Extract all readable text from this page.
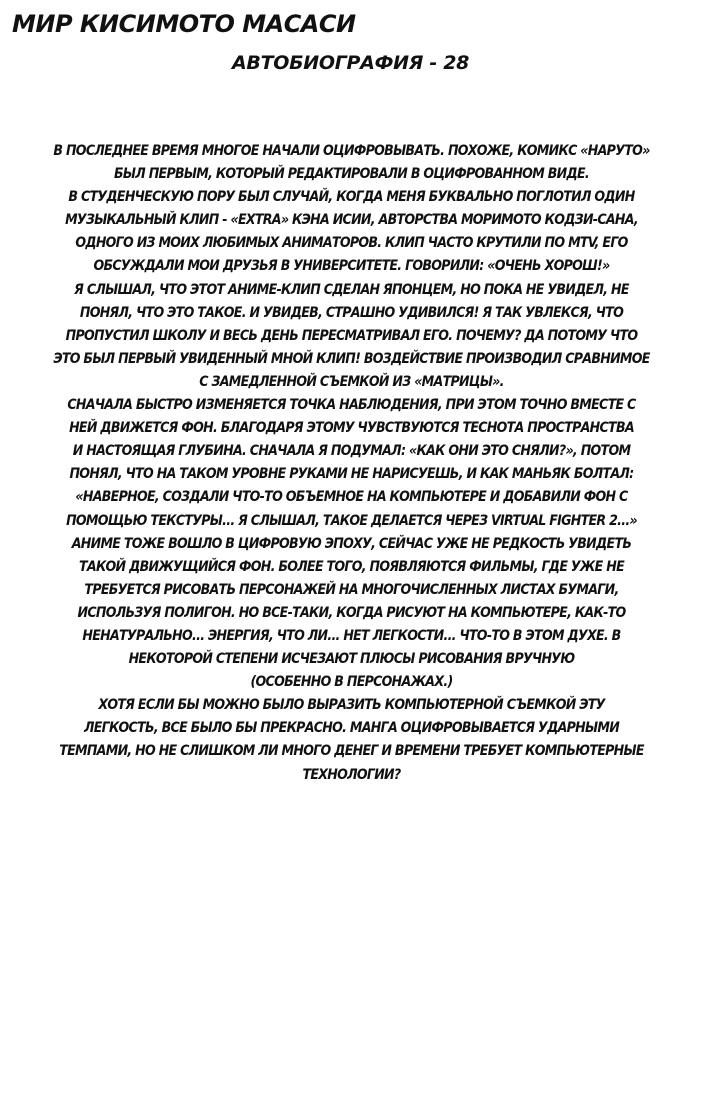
МИР КИСИМОТО МАСАСИ
АВТОБИОГРАФИЯ - 28
В ПОСЛЕДНЕЕ ВРЕМЯ МНОГОЕ НАЧАЛИ ОЦИФРОВЫВАТЬ. ПОХОЖЕ, КОМИКС «НАРУТО»
БЫЛ ПЕРВЫМ, КОТОРЫЙ РЕДАКТИРОВАЛИ В ОЦИФРОВАННОМ ВИДЕ.
В СТУДЕНЧЕСКУЮ ПОРУ БЫЛ СЛУЧАЙ, КОГДА МЕНЯ БУКВАЛЬНО ПОГЛОТИЛ ОДИН
МУЗЫКАЛЬНЫЙ КЛИП - «EXTRA» КЭНА ИСИИ, АВТОРСТВА МОРИМОТО КОДЗИ-САНА,
ОДНОГО ИЗ МОИХ ЛЮБИМЫХ АНИМАТОРОВ. КЛИП ЧАСТО КРУТИЛИ ПО MTV, ЕГО
ОБСУЖДАЛИ МОИ ДРУЗЬЯ В УНИВЕРСИТЕТЕ. ГОВОРИЛИ: «ОЧЕНЬ ХОРОШ!»
Я СЛЫШАЛ, ЧТО ЭТОТ АНИМЕ-КЛИП СДЕЛАН ЯПОНЦЕМ, НО ПОКА НЕ УВИДЕЛ, НЕ
ПОНЯЛ, ЧТО ЭТО ТАКОЕ. И УВИДЕВ, СТРАШНО УДИВИЛСЯ! Я ТАК УВЛЕКСЯ, ЧТО
ПРОПУСТИЛ ШКОЛУ И ВЕСЬ ДЕНЬ ПЕРЕСМАТРИВАЛ ЕГО. ПОЧЕМУ? ДА ПОТОМУ ЧТО
ЭТО БЫЛ ПЕРВЫЙ УВИДЕННЫЙ МНОЙ КЛИП! ВОЗДЕЙСТВИЕ ПРОИЗВОДИЛ СРАВНИМОЕ
С ЗАМЕДЛЕННОЙ СЪЕМКОЙ ИЗ «МАТРИЦЫ».
СНАЧАЛА БЫСТРО ИЗМЕНЯЕТСЯ ТОЧКА НАБЛЮДЕНИЯ, ПРИ ЭТОМ ТОЧНО ВМЕСТЕ С
НЕЙ ДВИЖЕТСЯ ФОН. БЛАГОДАРЯ ЭТОМУ ЧУВСТВУЮТСЯ ТЕСНОТА ПРОСТРАНСТВА
И НАСТОЯЩАЯ ГЛУБИНА. СНАЧАЛА Я ПОДУМАЛ: «КАК ОНИ ЭТО СНЯЛИ?», ПОТОМ
ПОНЯЛ, ЧТО НА ТАКОМ УРОВНЕ РУКАМИ НЕ НАРИСУЕШЬ, И КАК МАНЬЯК БОЛТАЛ:
«НАВЕРНОЕ, СОЗДАЛИ ЧТО-ТО ОБЪЕМНОЕ НА КОМПЬЮТЕРЕ И ДОБАВИЛИ ФОН С
ПОМОЩЬЮ ТЕКСТУРЫ... Я СЛЫШАЛ, ТАКОЕ ДЕЛАЕТСЯ ЧЕРЕЗ VIRTUAL FIGHTER 2...»
АНИМЕ ТОЖЕ ВОШЛО В ЦИФРОВУЮ ЭПОХУ, СЕЙЧАС УЖЕ НЕ РЕДКОСТЬ УВИДЕТЬ
ТАКОЙ ДВИЖУЩИЙСЯ ФОН. БОЛЕЕ ТОГО, ПОЯВЛЯЮТСЯ ФИЛЬМЫ, ГДЕ УЖЕ НЕ
ТРЕБУЕТСЯ РИСОВАТЬ ПЕРСОНАЖЕЙ НА МНОГОЧИСЛЕННЫХ ЛИСТАХ БУМАГИ,
ИСПОЛЬЗУЯ ПОЛИГОН. НО ВСЕ-ТАКИ, КОГДА РИСУЮТ НА КОМПЬЮТЕРЕ, КАК-ТО
НЕНАТУРАЛЬНО... ЭНЕРГИЯ, ЧТО ЛИ... НЕТ ЛЕГКОСТИ... ЧТО-ТО В ЭТОМ ДУХЕ. В
НЕКОТОРОЙ СТЕПЕНИ ИСЧЕЗАЮТ ПЛЮСЫ РИСОВАНИЯ ВРУЧНУЮ
(ОСОБЕННО В ПЕРСОНАЖАХ.)
ХОТЯ ЕСЛИ БЫ МОЖНО БЫЛО ВЫРАЗИТЬ КОМПЬЮТЕРНОЙ СЪЕМКОЙ ЭТУ
ЛЕГКОСТЬ, ВСЕ БЫЛО БЫ ПРЕКРАСНО. МАНГА ОЦИФРОВЫВАЕТСЯ УДАРНЫМИ
ТЕМПАМИ, НО НЕ СЛИШКОМ ЛИ МНОГО ДЕНЕГ И ВРЕМЕНИ ТРЕБУЕТ КОМПЬЮТЕРНЫЕ
ТЕХНОЛОГИИ?
